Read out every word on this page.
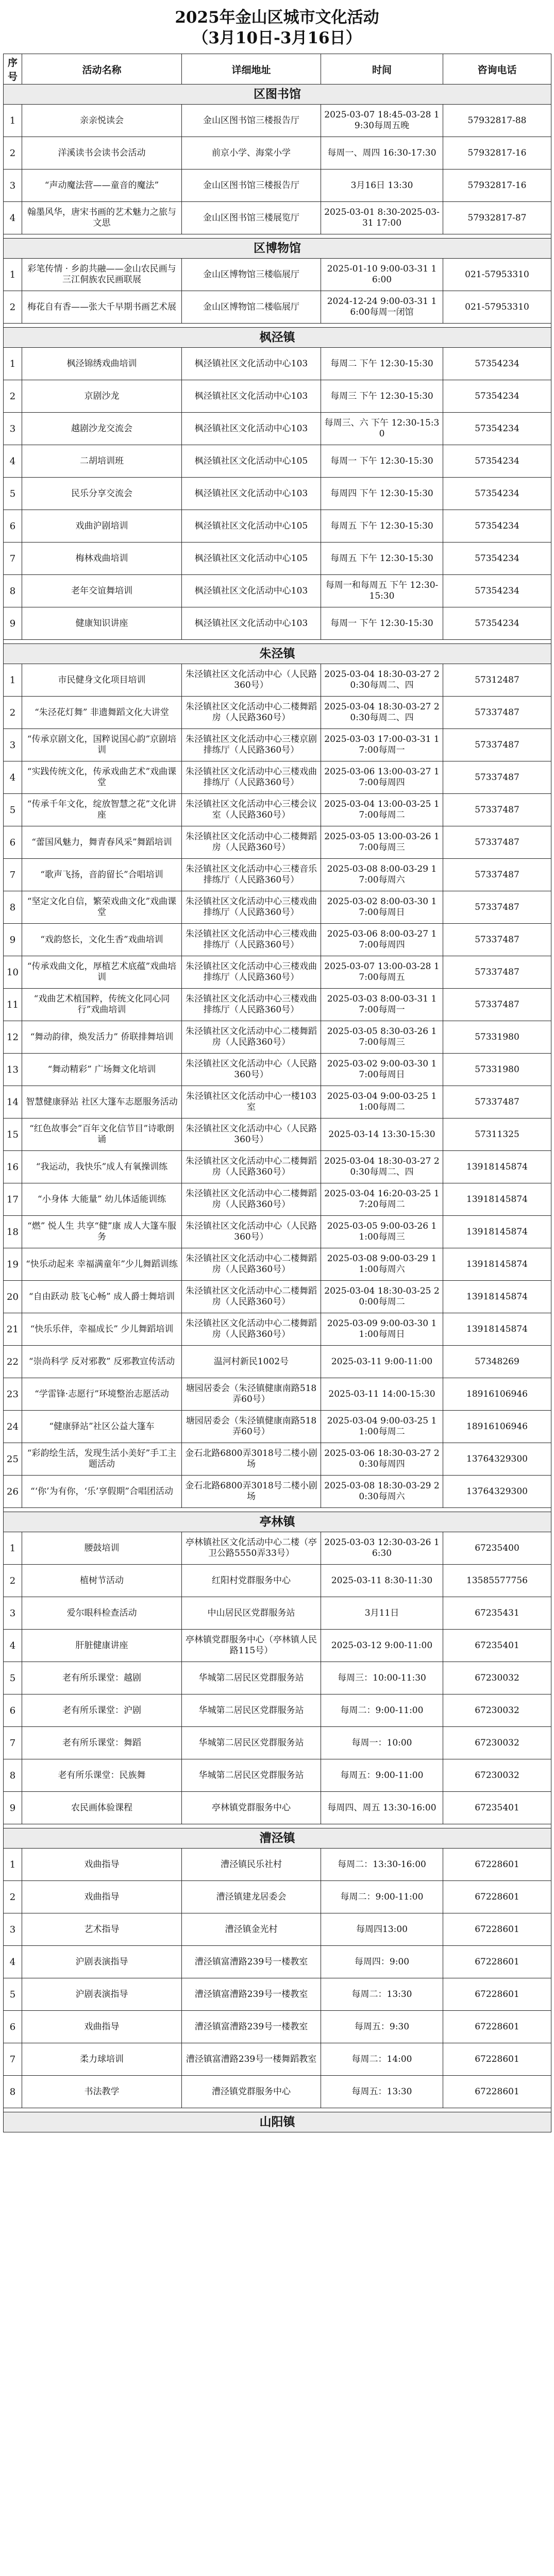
2025年金山区城市文化活动
（3月10日-3月16日）
序号	活动名称	详细地址	时间	咨询电话
区图书馆				
1	亲亲悦读会	金山区图书馆三楼报告厅	2025-03-07 18:45-03-28 19:30每周五晚	57932817-88
2	洋溪读书会读书会活动	前京小学、海棠小学	每周一、周四 16:30-17:30	57932817-16
3	“声动魔法营——童音的魔法”	金山区图书馆三楼报告厅	3月16日 13:30	57932817-16
4	翰墨风华，唐宋书画的艺术魅力之旅与文思	金山区图书馆三楼展览厅	2025-03-01 8:30-2025-03-31 17:00	57932817-87

区博物馆				
1	彩笔传情 · 乡韵共融——金山农民画与三江侗族农民画联展	金山区博物馆三楼临展厅	2025-01-10 9:00-03-31 16:00	021-57953310
2	梅花自有香——张大千早期书画艺术展	金山区博物馆二楼临展厅	2024-12-24 9:00-03-31 16:00每周一闭馆	021-57953310

枫泾镇				
1	枫泾锦绣戏曲培训	枫泾镇社区文化活动中心103	每周二 下午 12:30-15:30	57354234
2	京剧沙龙	枫泾镇社区文化活动中心103	每周三 下午 12:30-15:30	57354234
3	越剧沙龙交流会	枫泾镇社区文化活动中心103	每周三、六 下午 12:30-15:30	57354234
4	二胡培训班	枫泾镇社区文化活动中心105	每周一 下午 12:30-15:30	57354234
5	民乐分享交流会	枫泾镇社区文化活动中心103	每周四 下午 12:30-15:30	57354234
6	戏曲沪剧培训	枫泾镇社区文化活动中心105	每周五 下午 12:30-15:30	57354234
7	梅林戏曲培训	枫泾镇社区文化活动中心105	每周五 下午 12:30-15:30	57354234
8	老年交谊舞培训	枫泾镇社区文化活动中心103	每周一和每周五 下午 12:30-15:30	57354234
9	健康知识讲座	枫泾镇社区文化活动中心103	每周一 下午 12:30-15:30	57354234

朱泾镇				
1	市民健身文化项目培训	朱泾镇社区文化活动中心（人民路360号）	2025-03-04 18:30-03-27 20:30每周二、四	57312487
2	“朱泾花灯舞” 非遗舞蹈文化大讲堂	朱泾镇社区文化活动中心二楼舞蹈房（人民路360号）	2025-03-04 18:30-03-27 20:30每周二、四	57337487
3	“传承京剧文化，国粹说国心韵”京剧培训	朱泾镇社区文化活动中心三楼京剧排练厅（人民路360号）	2025-03-03 17:00-03-31 17:00每周一	57337487
4	“实践传统文化，传承戏曲艺术”戏曲课堂	朱泾镇社区文化活动中心三楼戏曲排练厅（人民路360号）	2025-03-06 13:00-03-27 17:00每周四	57337487
5	“传承千年文化，绽放智慧之花”文化讲座	朱泾镇社区文化活动中心三楼会议室（人民路360号）	2025-03-04 13:00-03-25 17:00每周二	57337487
6	“蕾国风魅力，舞青春风采”舞蹈培训	朱泾镇社区文化活动中心二楼舞蹈房（人民路360号）	2025-03-05 13:00-03-26 17:00每周三	57337487
7	“歌声飞扬，音韵留长”合唱培训	朱泾镇社区文化活动中心三楼音乐排练厅（人民路360号）	2025-03-08 8:00-03-29 17:00每周六	57337487
8	“坚定文化自信，繁荣戏曲文化”戏曲课堂	朱泾镇社区文化活动中心三楼戏曲排练厅（人民路360号）	2025-03-02 8:00-03-30 17:00每周日	57337487
9	“戏韵悠长，文化生香”戏曲培训	朱泾镇社区文化活动中心三楼戏曲排练厅（人民路360号）	2025-03-06 8:00-03-27 17:00每周四	57337487
10	“传承戏曲文化，厚植艺术底蕴”戏曲培训	朱泾镇社区文化活动中心三楼戏曲排练厅（人民路360号）	2025-03-07 13:00-03-28 17:00每周五	57337487
11	“戏曲艺术植国粹，传统文化同心同行”戏曲培训	朱泾镇社区文化活动中心三楼戏曲排练厅（人民路360号）	2025-03-03 8:00-03-31 17:00每周一	57337487
12	“舞动韵律，焕发活力” 侨联排舞培训	朱泾镇社区文化活动中心二楼舞蹈房（人民路360号）	2025-03-05 8:30-03-26 17:00每周三	57331980
13	“舞动精彩” 广场舞文化培训	朱泾镇社区文化活动中心（人民路360号）	2025-03-02 9:00-03-30 17:00每周日	57331980
14	智慧健康驿站 社区大篷车志愿服务活动	朱泾镇社区文化活动中心一楼103室	2025-03-04 9:00-03-25 11:00每周二	57337487
15	“红色故事会”百年文化信节目”诗歌朗诵	朱泾镇社区文化活动中心（人民路360号）	2025-03-14 13:30-15:30	57311325
16	“我运动，我快乐”成人有氧操训练	朱泾镇社区文化活动中心二楼舞蹈房（人民路360号）	2025-03-04 18:30-03-27 20:30每周二、四	13918145874
17	“小身体 大能量” 幼儿体适能训练	朱泾镇社区文化活动中心二楼舞蹈房（人民路360号）	2025-03-04 16:20-03-25 17:20每周二	13918145874
18	“燃” 悦人生 共享“健”康 成人大篷车服务	朱泾镇社区文化活动中心（人民路360号）	2025-03-05 9:00-03-26 11:00每周三	13918145874
19	“快乐动起来 幸福满童年”少儿舞蹈训练	朱泾镇社区文化活动中心二楼舞蹈房（人民路360号）	2025-03-08 9:00-03-29 11:00每周六	13918145874
20	“自由跃动 肢飞心畅” 成人爵士舞培训	朱泾镇社区文化活动中心二楼舞蹈房（人民路360号）	2025-03-04 18:30-03-25 20:00每周二	13918145874
21	“快乐乐伴，幸福成长” 少儿舞蹈培训	朱泾镇社区文化活动中心二楼舞蹈房（人民路360号）	2025-03-09 9:00-03-30 11:00每周日	13918145874
22	“崇尚科学 反对邪教” 反邪教宣传活动	温河村新民1002号	2025-03-11 9:00-11:00	57348269
23	“学雷锋·志愿行”环境整治志愿活动	塘园居委会（朱泾镇健康南路518弄60号）	2025-03-11 14:00-15:30	18916106946
24	“健康驿站”社区公益大篷车	塘园居委会（朱泾镇健康南路518弄60号）	2025-03-04 9:00-03-25 11:00每周二	18916106946
25	“彩韵绘生活，发现生活小美好”手工主题活动	金石北路6800弄3018号二楼小剧场	2025-03-06 18:30-03-27 20:30每周四	13764329300
26	“‘你’为有你，‘乐’享假期”合唱团活动	金石北路6800弄3018号二楼小剧场	2025-03-08 18:30-03-29 20:30每周六	13764329300

亭林镇				
1	腰鼓培训	亭林镇社区文化活动中心二楼（亭卫公路5550弄33号）	2025-03-03 12:30-03-26 16:30	67235400
2	植树节活动	红阳村党群服务中心	2025-03-11 8:30-11:30	13585577756
3	爱尔眼科检查活动	中山居民区党群服务站	3月11日	67235431
4	肝脏健康讲座	亭林镇党群服务中心（亭林镇人民路115号）	2025-03-12 9:00-11:00	67235401
5	老有所乐课堂：越剧	华城第二居民区党群服务站	每周三：10:00-11:30	67230032
6	老有所乐课堂：沪剧	华城第二居民区党群服务站	每周二：9:00-11:00	67230032
7	老有所乐课堂：舞蹈	华城第二居民区党群服务站	每周一：10:00	67230032
8	老有所乐课堂：民族舞	华城第二居民区党群服务站	每周五：9:00-11:00	67230032
9	农民画体验课程	亭林镇党群服务中心	每周四、周五 13:30-16:00	67235401

漕泾镇				
1	戏曲指导	漕泾镇民乐社村	每周二：13:30-16:00	67228601
2	戏曲指导	漕泾镇建龙居委会	每周二：9:00-11:00	67228601
3	艺术指导	漕泾镇金光村	每周四13:00	67228601
4	沪剧表演指导	漕泾镇富漕路239号一楼教室	每周四：9:00	67228601
5	沪剧表演指导	漕泾镇富漕路239号一楼教室	每周二：13:30	67228601
6	戏曲指导	漕泾镇富漕路239号一楼教室	每周五：9:30	67228601
7	柔力球培训	漕泾镇富漕路239号一楼舞蹈教室	每周二：14:00	67228601
8	书法教学	漕泾镇党群服务中心	每周五：13:30	67228601

山阳镇				
